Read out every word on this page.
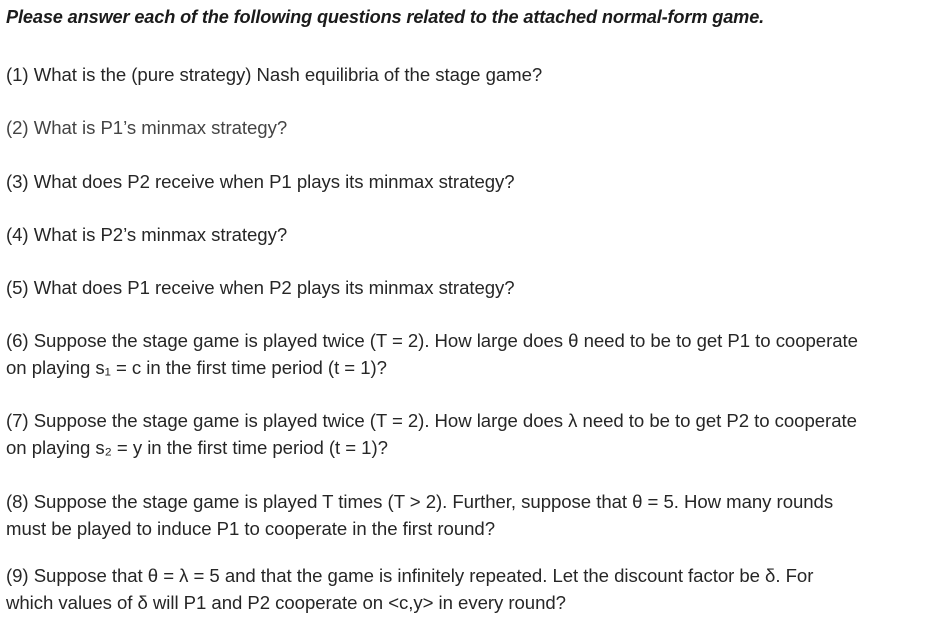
Please answer each of the following questions related to the attached normal-form game.
(1) What is the (pure strategy) Nash equilibria of the stage game?
(2) What is P1’s minmax strategy?
(3) What does P2 receive when P1 plays its minmax strategy?
(4) What is P2’s minmax strategy?
(5) What does P1 receive when P2 plays its minmax strategy?
(6) Suppose the stage game is played twice (T = 2). How large does θ need to be to get P1 to cooperate
on playing s₁ = c in the first time period (t = 1)?
(7) Suppose the stage game is played twice (T = 2). How large does λ need to be to get P2 to cooperate
on playing s₂ = y in the first time period (t = 1)?
(8) Suppose the stage game is played T times (T > 2). Further, suppose that θ = 5. How many rounds
must be played to induce P1 to cooperate in the first round?
(9) Suppose that θ = λ = 5 and that the game is infinitely repeated. Let the discount factor be δ. For
which values of δ will P1 and P2 cooperate on <c,y> in every round?
